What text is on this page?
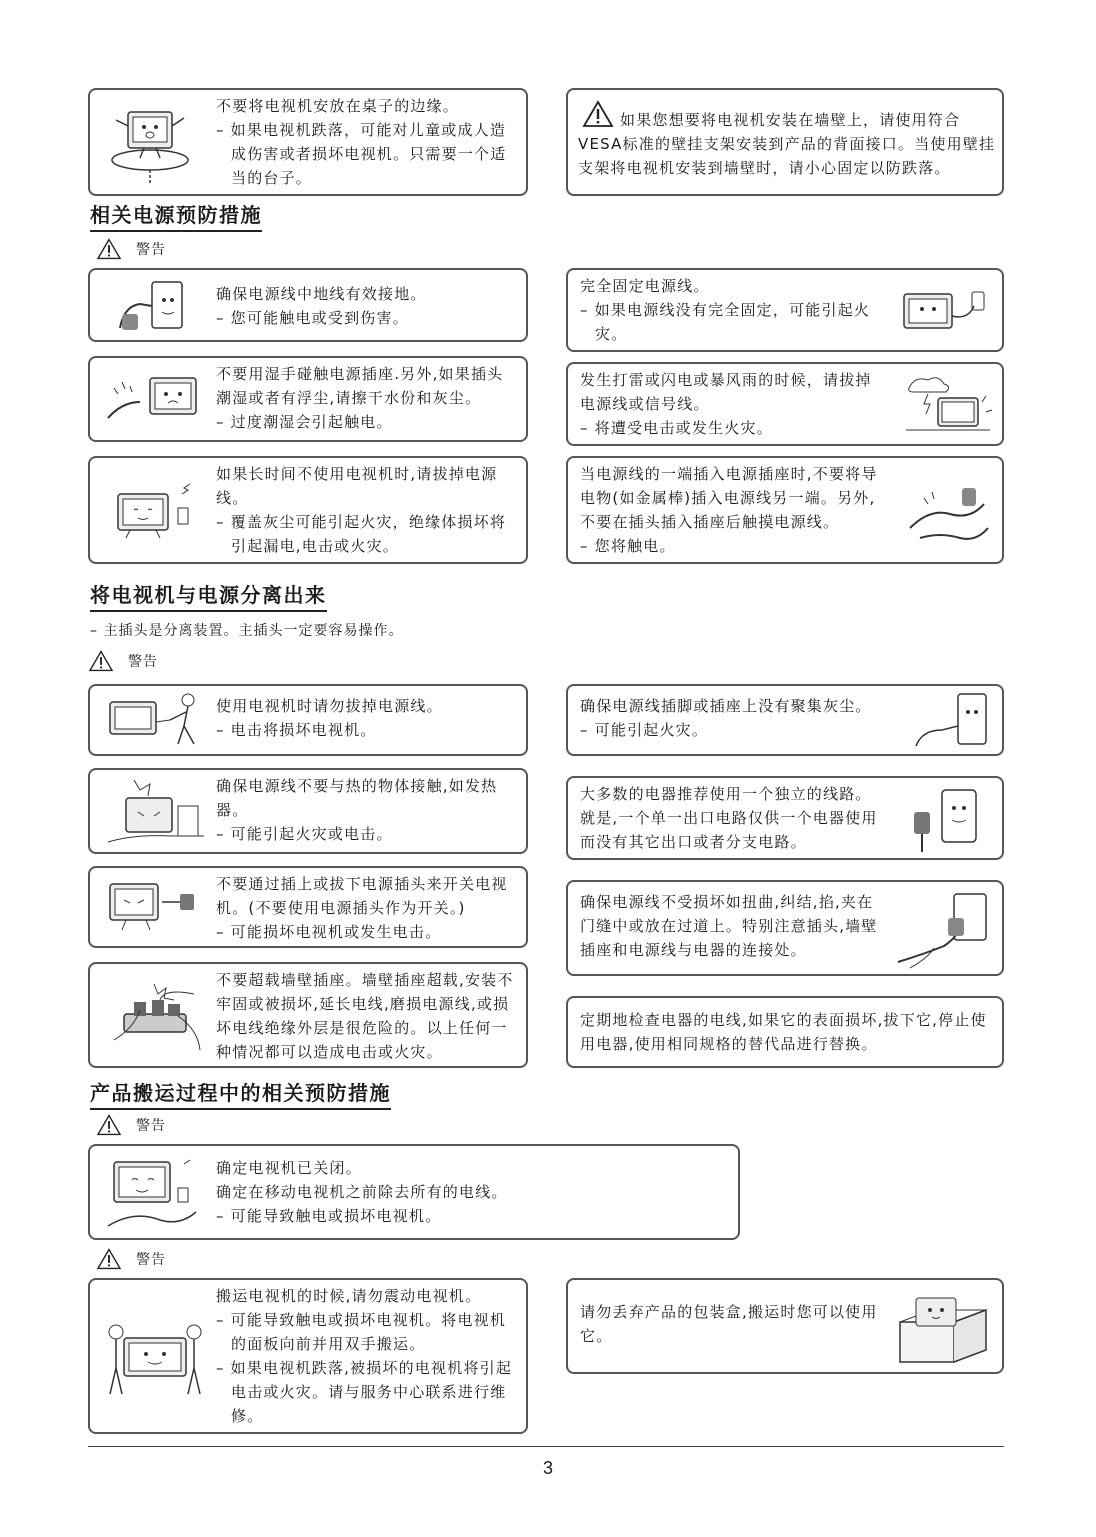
不要将电视机安放在桌子的边缘。

– 如果电视机跌落，可能对儿童或成人造成伤害或者损坏电视机。只需要一个适当的台子。

如果您想要将电视机安装在墙壁上，请使用符合VESA标准的壁挂支架安装到产品的背面接口。当使用壁挂支架将电视机安装到墙壁时，请小心固定以防跌落。

相关电源预防措施
警告

确保电源线中地线有效接地。

– 您可能触电或受到伤害。

完全固定电源线。

– 如果电源线没有完全固定，可能引起火灾。

不要用湿手碰触电源插座.另外,如果插头潮湿或者有浮尘,请擦干水份和灰尘。

– 过度潮湿会引起触电。

发生打雷或闪电或暴风雨的时候，请拔掉电源线或信号线。

– 将遭受电击或发生火灾。

如果长时间不使用电视机时,请拔掉电源线。

– 覆盖灰尘可能引起火灾，绝缘体损坏将引起漏电,电击或火灾。

当电源线的一端插入电源插座时,不要将导电物(如金属棒)插入电源线另一端。另外,不要在插头插入插座后触摸电源线。

– 您将触电。

将电视机与电源分离出来
– 主插头是分离装置。主插头一定要容易操作。
警告

使用电视机时请勿拔掉电源线。

– 电击将损坏电视机。

确保电源线插脚或插座上没有聚集灰尘。

– 可能引起火灾。

确保电源线不要与热的物体接触,如发热器。

– 可能引起火灾或电击。

大多数的电器推荐使用一个独立的线路。就是,一个单一出口电路仅供一个电器使用而没有其它出口或者分支电路。

不要通过插上或拔下电源插头来开关电视机。(不要使用电源插头作为开关。)

– 可能损坏电视机或发生电击。

确保电源线不受损坏如扭曲,纠结,掐,夹在门缝中或放在过道上。特别注意插头,墙壁插座和电源线与电器的连接处。

不要超载墙壁插座。墙壁插座超载,安装不牢固或被损坏,延长电线,磨损电源线,或损坏电线绝缘外层是很危险的。以上任何一种情况都可以造成电击或火灾。

定期地检查电器的电线,如果它的表面损坏,拔下它,停止使用电器,使用相同规格的替代品进行替换。

产品搬运过程中的相关预防措施
警告

确定电视机已关闭。

确定在移动电视机之前除去所有的电线。

– 可能导致触电或损坏电视机。

警告

搬运电视机的时候,请勿震动电视机。

– 可能导致触电或损坏电视机。将电视机的面板向前并用双手搬运。

– 如果电视机跌落,被损坏的电视机将引起电击或火灾。请与服务中心联系进行维修。

请勿丢弃产品的包装盒,搬运时您可以使用它。

3
